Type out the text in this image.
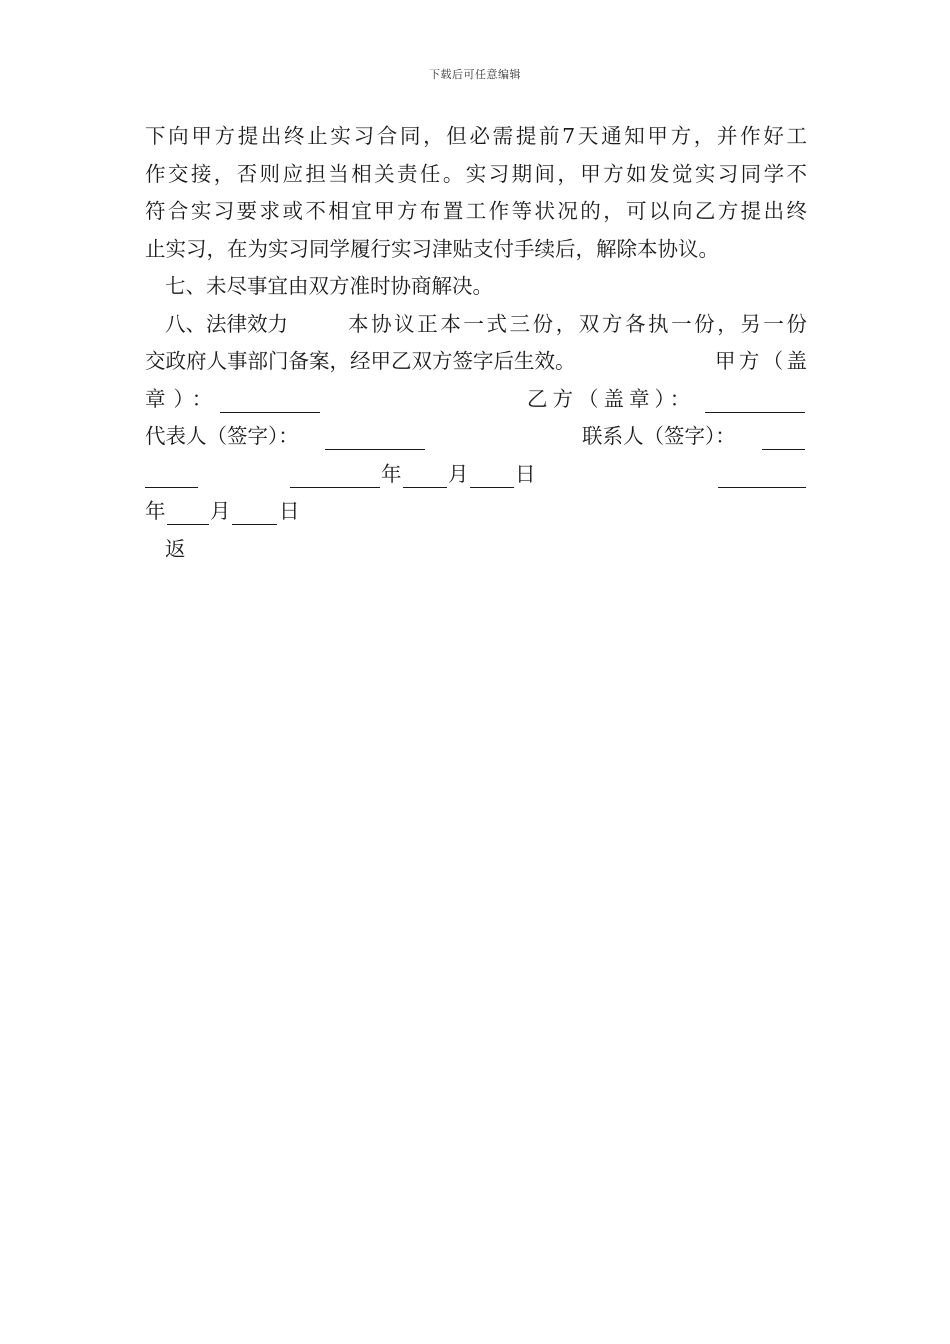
下载后可任意编辑
下向甲方提出终止实习合同，但必需提前7天通知甲方，并作好工
作交接，否则应担当相关责任。实习期间，甲方如发觉实习同学不
符合实习要求或不相宜甲方布置工作等状况的，可以向乙方提出终
止实习，在为实习同学履行实习津贴支付手续后，解除本协议。
七、未尽事宜由双方准时协商解决。
八、法律效力	本协议正本一式三份，双方各执一份，另一份
交政府人事部门备案，经甲乙双方签字后生效。	甲方（盖
章）：	乙方（盖章）：
代表人（签字）：	联系人（签字）：
年 月 日
年 月 日
返
